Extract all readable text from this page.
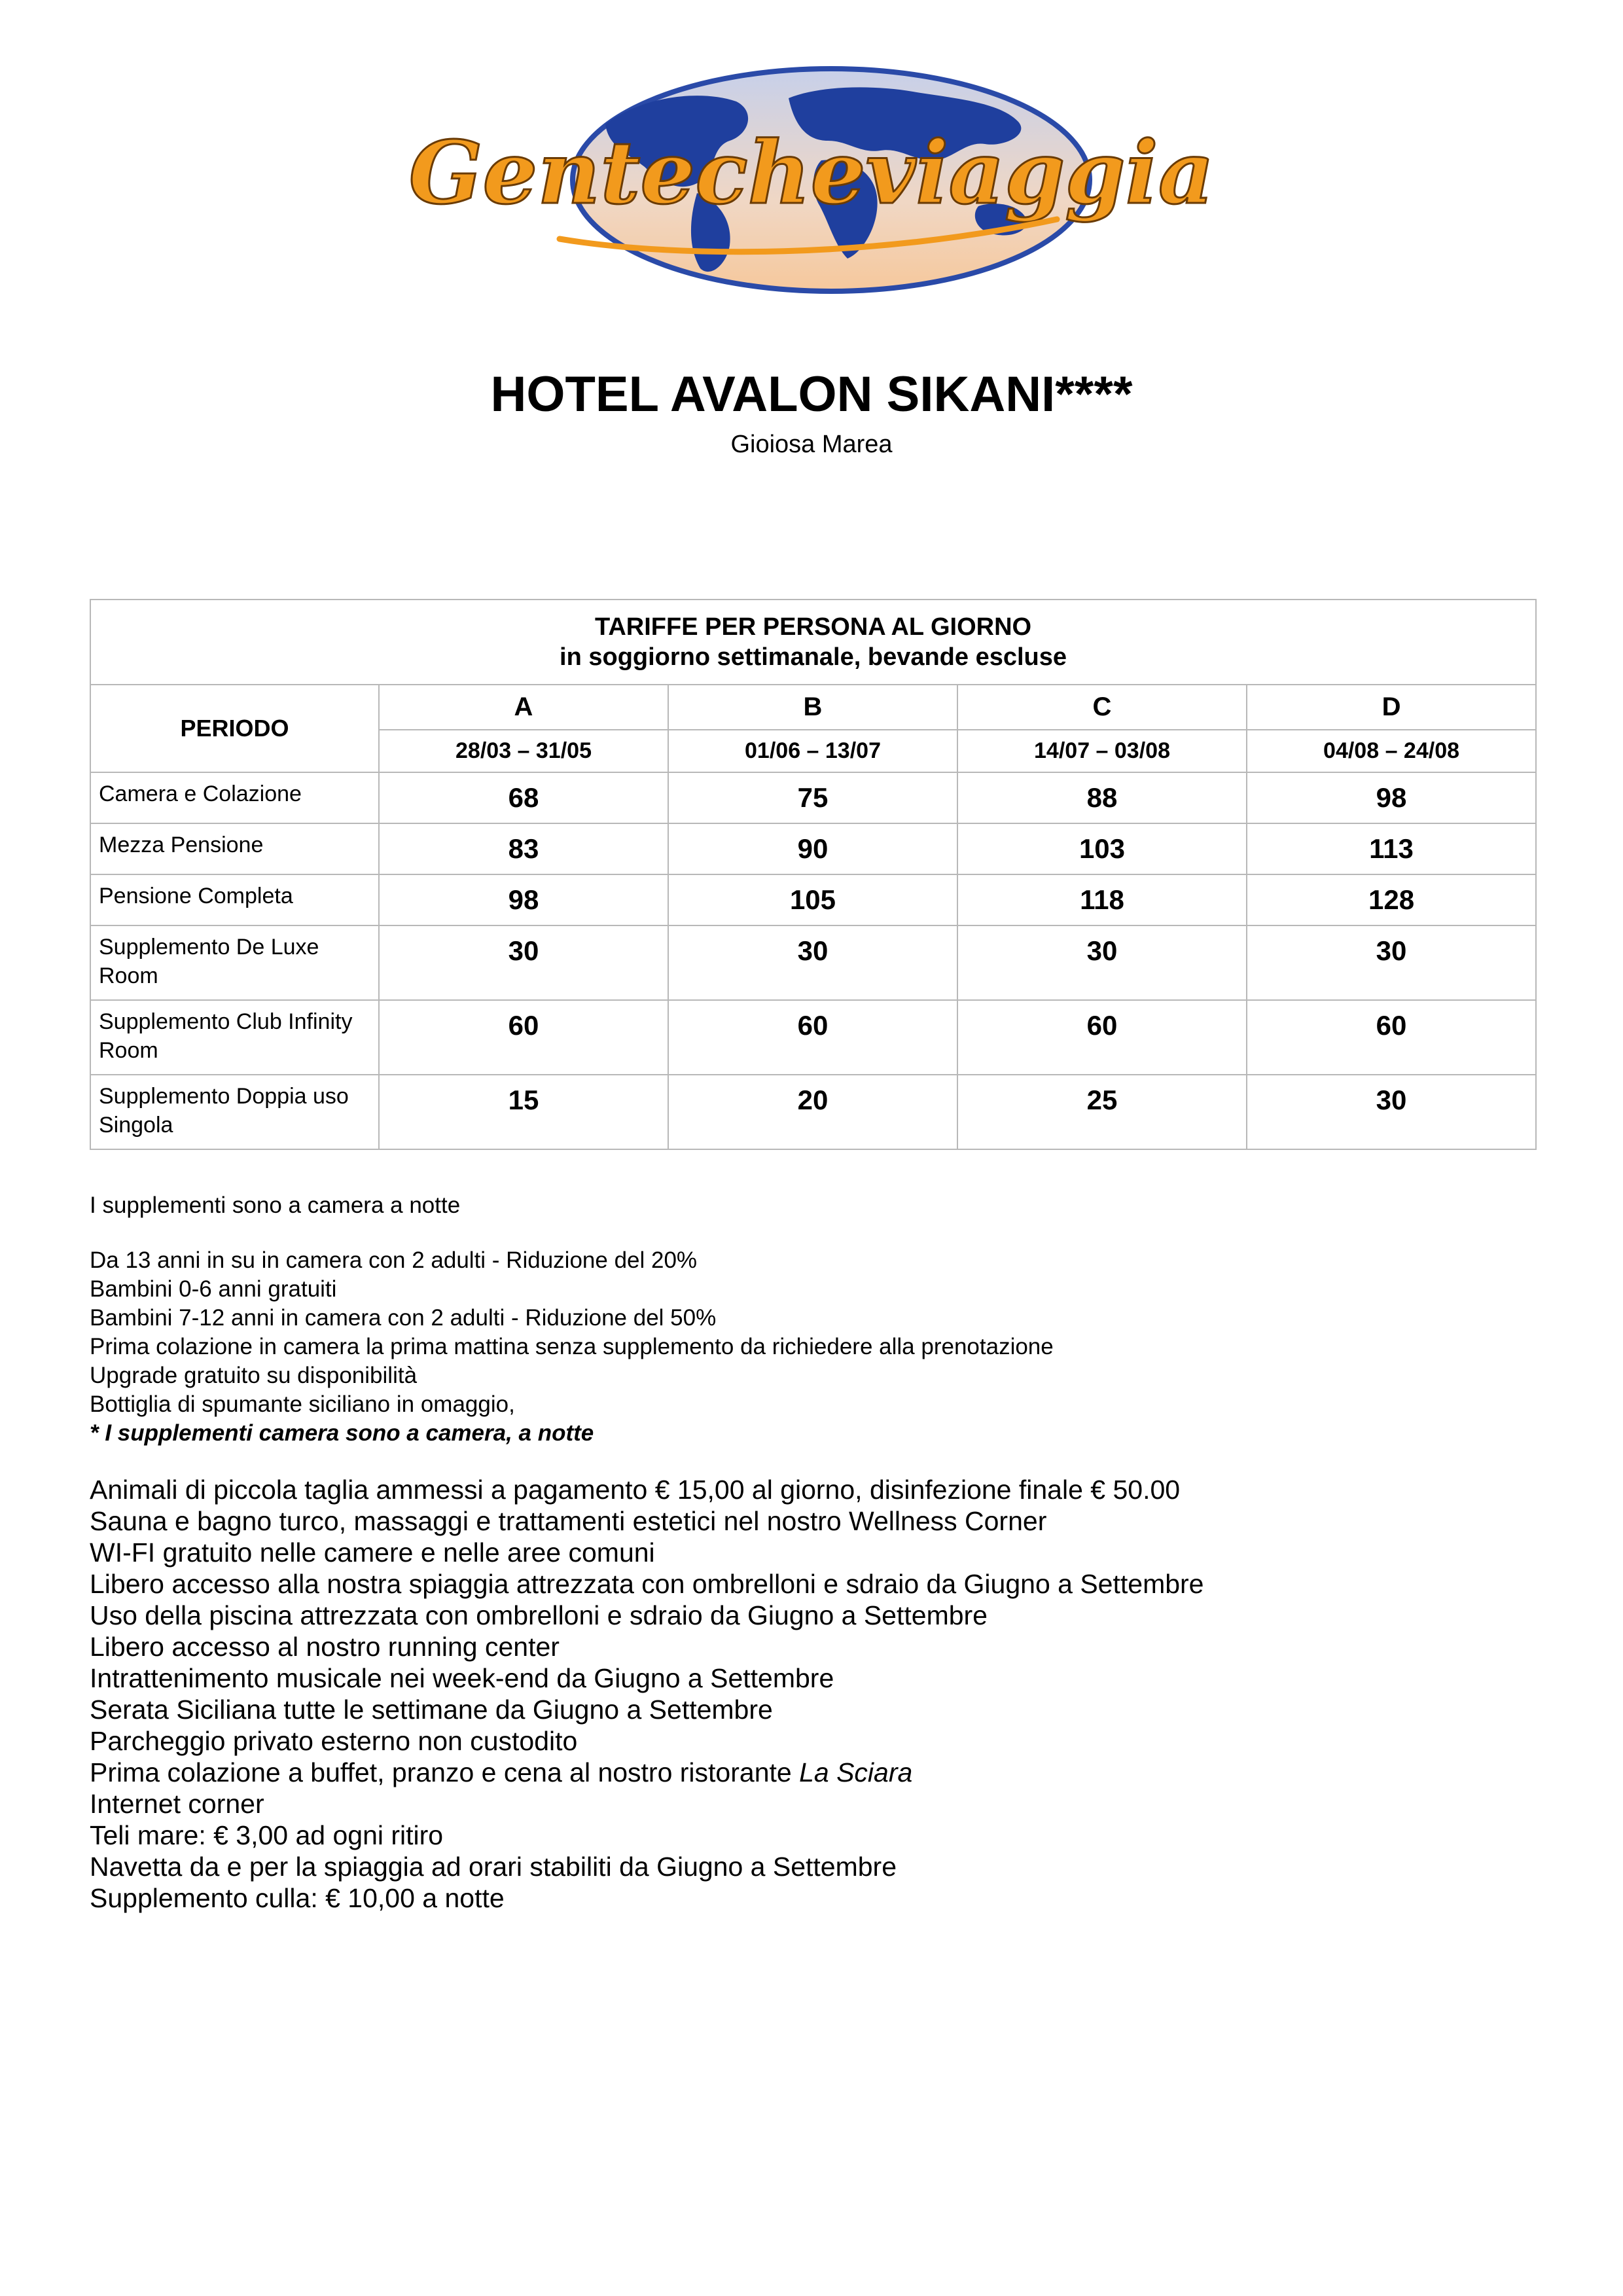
Gentecheviaggia
HOTEL AVALON SIKANI****
Gioiosa Marea
TARIFFE PER PERSONA AL GIORNO
in soggiorno settimanale, bevande escluse				

PERIODO	A	B	C	D
	28/03 – 31/05	01/06 – 13/07	14/07 – 03/08	04/08 – 24/08
Camera e Colazione	68	75	88	98
Mezza Pensione	83	90	103	113
Pensione Completa	98	105	118	128
Supplemento De Luxe Room	30	30	30	30
Supplemento Club Infinity Room	60	60	60	60
Supplemento Doppia uso Singola	15	20	25	30

I supplementi sono a camera a notte

Da 13 anni in su in camera con 2 adulti - Riduzione del 20%

Bambini 0-6 anni gratuiti

Bambini 7-12 anni in camera con 2 adulti - Riduzione del 50%

Prima colazione in camera la prima mattina senza supplemento da richiedere alla prenotazione

Upgrade gratuito su disponibilità

Bottiglia di spumante siciliano in omaggio,

* I supplementi camera sono a camera, a notte

Animali di piccola taglia ammessi a pagamento € 15,00 al giorno, disinfezione finale € 50.00

Sauna e bagno turco, massaggi e trattamenti estetici nel nostro Wellness Corner

WI-FI gratuito nelle camere e nelle aree comuni

Libero accesso alla nostra spiaggia attrezzata con ombrelloni e sdraio da Giugno a Settembre

Uso della piscina attrezzata con ombrelloni e sdraio da Giugno a Settembre

Libero accesso al nostro running center

Intrattenimento musicale nei week-end da Giugno a Settembre

Serata Siciliana tutte le settimane da Giugno a Settembre

Parcheggio privato esterno non custodito

Prima colazione a buffet, pranzo e cena al nostro ristorante La Sciara

Internet corner

Teli mare: € 3,00 ad ogni ritiro

Navetta da e per la spiaggia ad orari stabiliti da Giugno a Settembre

Supplemento culla: € 10,00 a notte
